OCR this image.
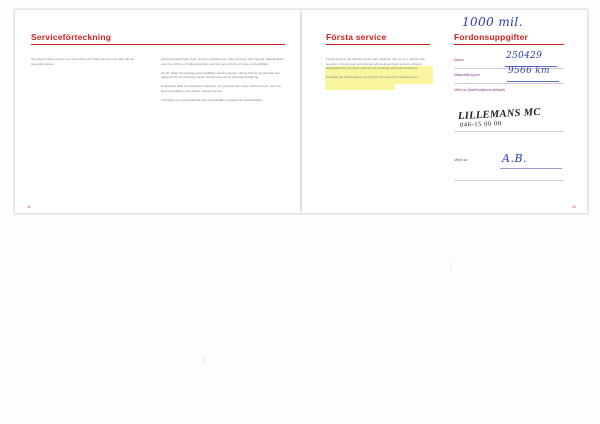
Serviceförteckning
Här anges vilken service som har utförts och vilken service som återstår att göra på fordonet.

Serviceförteckningen fylls i av den verkstad som utför servicen. Där framgår vilka åtgärder som har utförts och vilka kontroller som har genomförts vid varje servicetillfälle.

Det är viktigt att samtliga servicetillfällen dokumenteras i denna bok för att garantin ska gälla och för att fordonets värde ska bevaras vid en framtida försäljning.

Kontrollera alltid att verkstaden stämplar och signerar efter varje utförd service, samt att kilometerställning och datum noteras korrekt.

Vid frågor om serviceintervall eller garantivillkor kontakta din återförsäljare.

42
Första service	Fordonsuppgifter

Första service ska utföras senast efter 1000 km eller inom 1 månad efter leverans. Vid servicen kontrolleras och justeras bland annat ventilspel, kedjespänning, bromsar, oljenivå och samtliga elektriska funktioner.

Kontakta din återförsäljare i god tid för att boka tid för första service.

Datum
Mätarställning km
Utfört av (Återförsäljarens stämpel)
Utförd av
1000 mil.
250429
9566 km
LILLEMANS MC
046-15 00 00
A.B.
43
